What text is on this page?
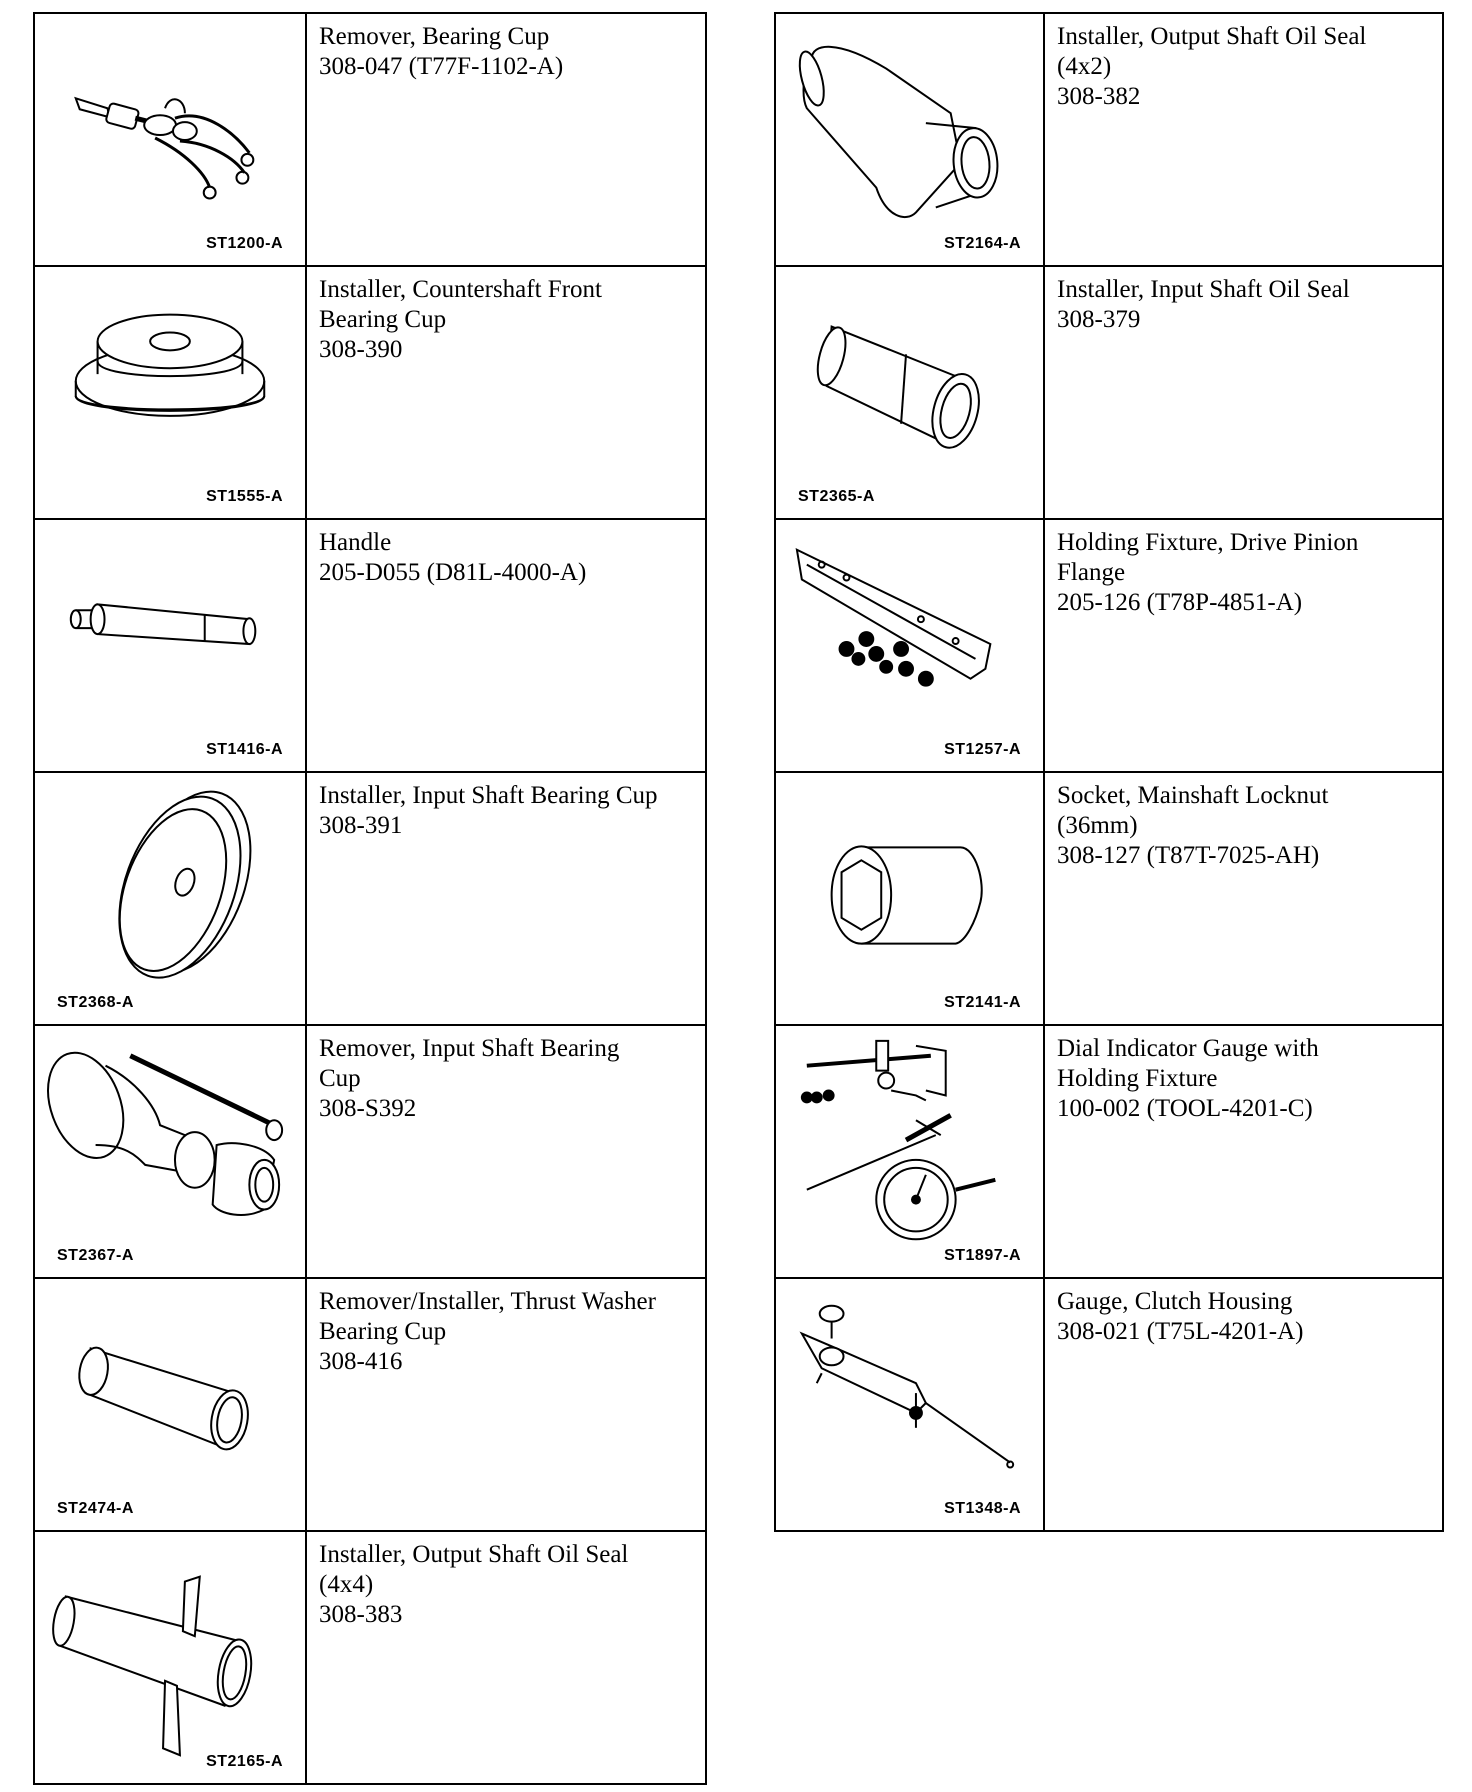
ST1200-A	Remover, Bearing Cup
308-047 (T77F-1102-A)

ST1555-A	Installer, Countershaft Front
Bearing Cup
308-390

ST1416-A	Handle
205-D055 (D81L-4000-A)

ST2368-A	Installer, Input Shaft Bearing Cup
308-391

ST2367-A	Remover, Input Shaft Bearing
Cup
308-S392

ST2474-A	Remover/Installer, Thrust Washer
Bearing Cup
308-416

ST2165-A	Installer, Output Shaft Oil Seal
(4x4)
308-383
ST2164-A	Installer, Output Shaft Oil Seal
(4x2)
308-382

ST2365-A	Installer, Input Shaft Oil Seal
308-379

ST1257-A	Holding Fixture, Drive Pinion
Flange
205-126 (T78P-4851-A)

ST2141-A	Socket, Mainshaft Locknut
(36mm)
308-127 (T87T-7025-AH)

ST1897-A	Dial Indicator Gauge with
Holding Fixture
100-002 (TOOL-4201-C)

ST1348-A	Gauge, Clutch Housing
308-021 (T75L-4201-A)
